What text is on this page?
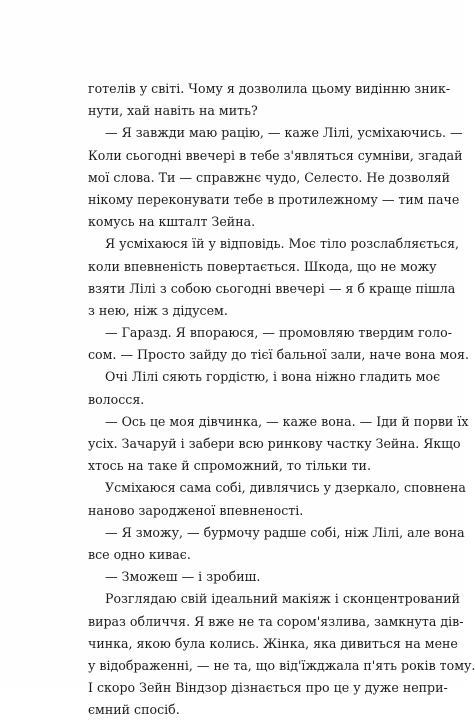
готелів у світі. Чому я дозволила цьому видінню зник-
нути, хай навіть на мить?
— Я завжди маю рацію, — каже Лілі, усміхаючись. —
Коли сьогодні ввечері в тебе з'являться сумніви, згадай
мої слова. Ти — справжнє чудо, Селесто. Не дозволяй
нікому переконувати тебе в протилежному — тим паче
комусь на кшталт Зейна.
Я усміхаюся їй у відповідь. Моє тіло розслабляється,
коли впевненість повертається. Шкода, що не можу
взяти Лілі з собою сьогодні ввечері — я б краще пішла
з нею, ніж з дідусем.
— Гаразд. Я впораюся, — промовляю твердим голо-
сом. — Просто зайду до тієї бальної зали, наче вона моя.
Очі Лілі сяють гордістю, і вона ніжно гладить моє
волосся.
— Ось це моя дівчинка, — каже вона. — Іди й порви їх
усіх. Зачаруй і забери всю ринкову частку Зейна. Якщо
хтось на таке й спроможний, то тільки ти.
Усміхаюся сама собі, дивлячись у дзеркало, сповнена
наново зародженої впевненості.
— Я зможу, — бурмочу радше собі, ніж Лілі, але вона
все одно киває.
— Зможеш — і зробиш.
Розглядаю свій ідеальний макіяж і сконцентрований
вираз обличчя. Я вже не та сором'язлива, замкнута дів-
чинка, якою була колись. Жінка, яка дивиться на мене
у відображенні, — не та, що від'їжджала п'ять років тому.
І скоро Зейн Віндзор дізнається про це у дуже непри-
ємний спосіб.
